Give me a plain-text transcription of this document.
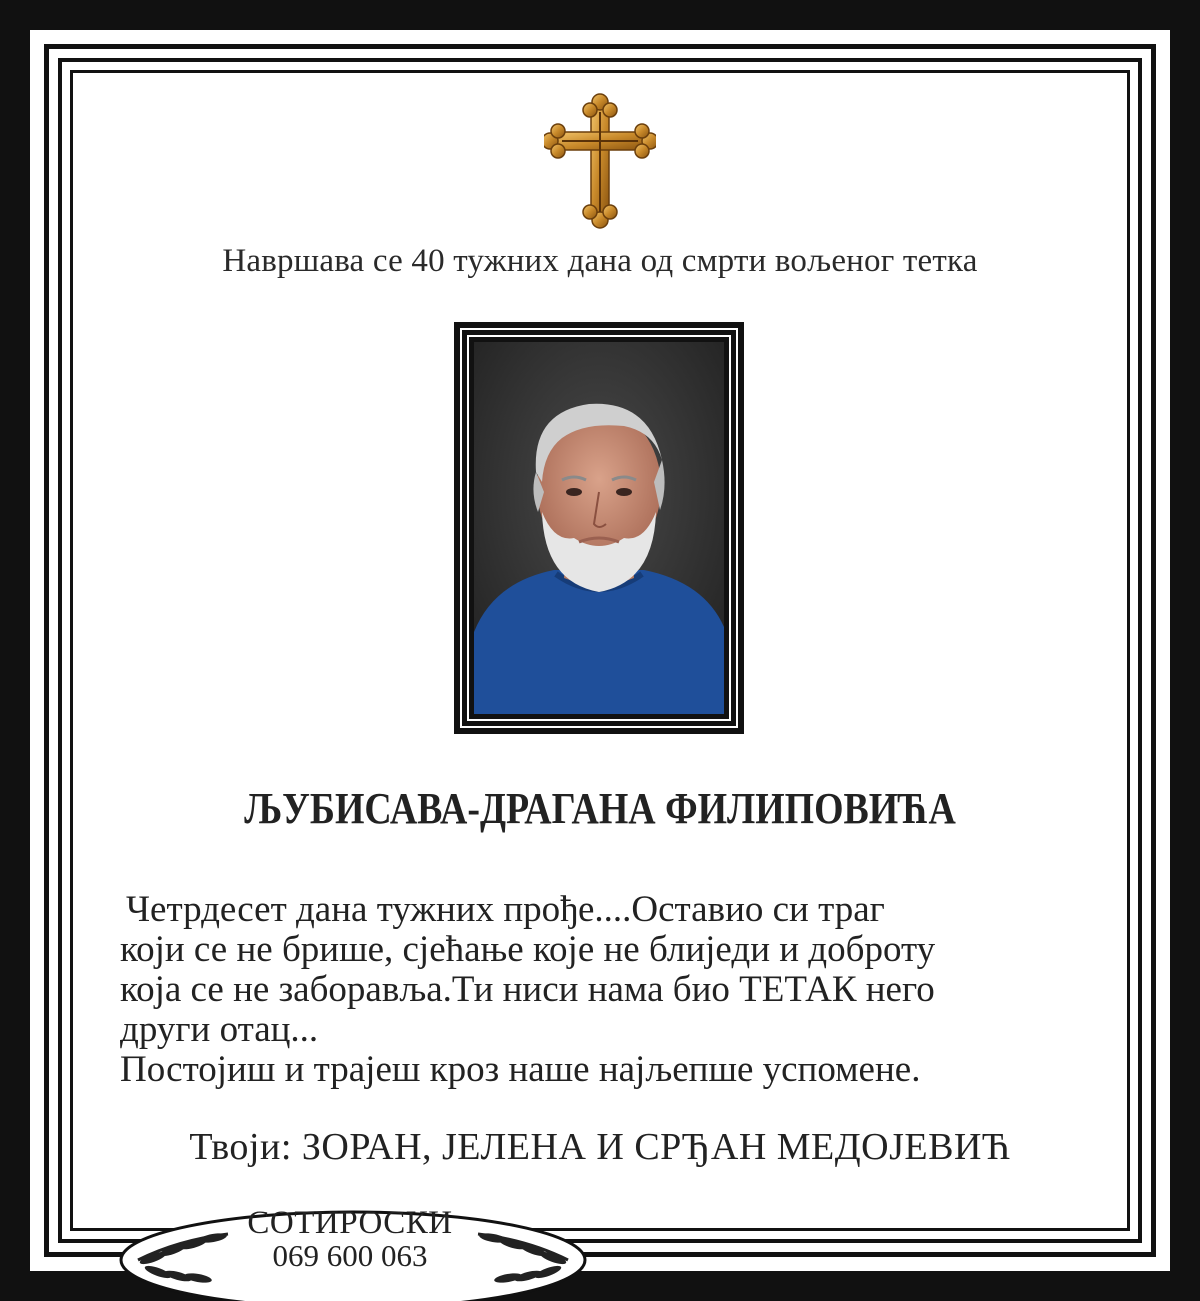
Навршава се 40 тужних дана од смрти вољеног тетка
ЉУБИСАВА-ДРАГАНА ФИЛИПОВИЋА
Четрдесет дана тужних прође....Оставио си траг
који се не брише, сјећање које не блиједи и доброту
која се не заборавља.Ти ниси нама био ТЕТАК него
други отац...
Постојиш и трајеш кроз наше најљепше успомене.
Твоји: ЗОРАН, ЈЕЛЕНА И СРЂАН МЕДОЈЕВИЋ
СОТИРОСКИ
069 600 063
